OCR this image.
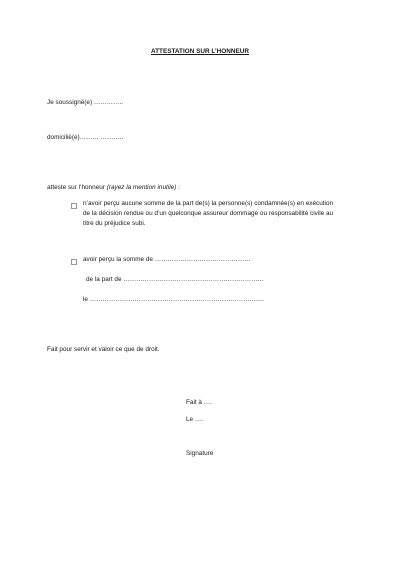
ATTESTATION SUR L’HONNEUR
Je soussigné(e) …………..
domicilié(e)……… ………..
atteste sur l’honneur (rayez la mention inutile) :
n’avoir perçu aucune somme de la part de(s) la personne(s) condamnée(s) en exécution
de la décision rendue ou d’un quelconque assureur dommage ou responsabilité civile au
titre du préjudice subi.
avoir perçu la somme de ………………………………………
de la part de …………………………………………………………
le ……………………………………………………………………….
Fait pour servir et valoir ce que de droit.
Fait à ….
Le ….
Signature
